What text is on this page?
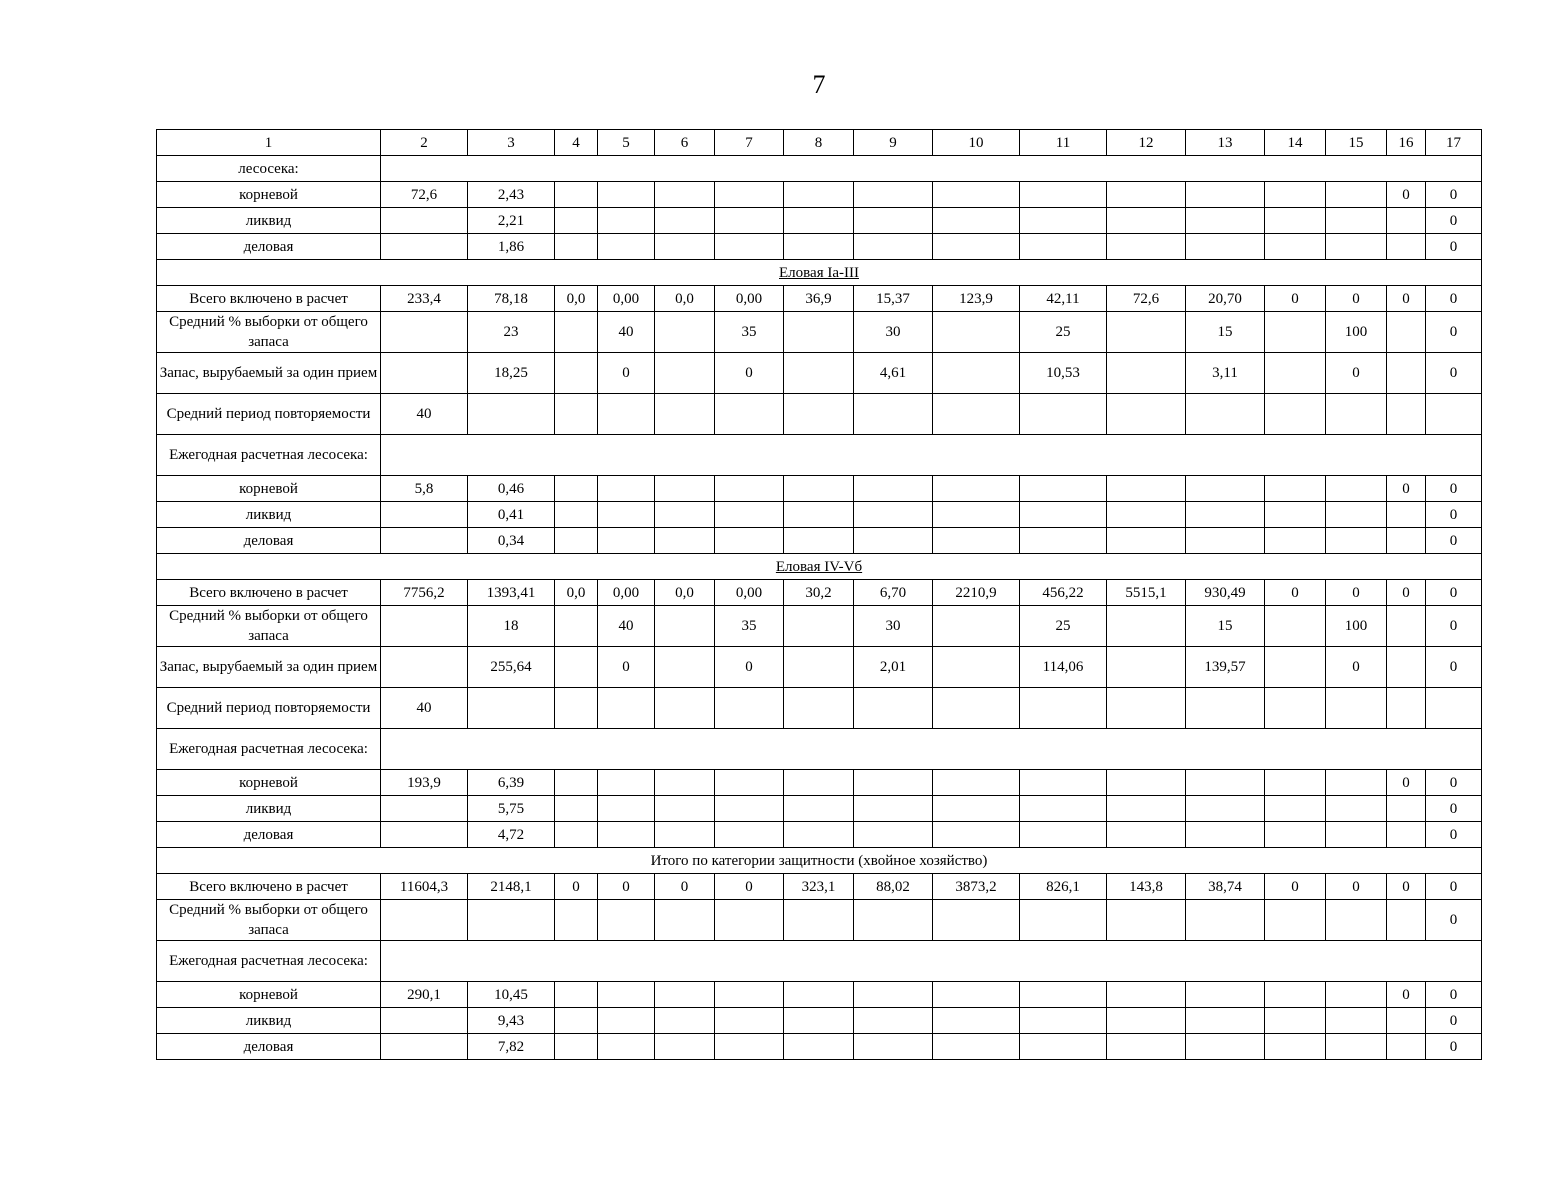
7
1	2	3	4	5	6	7	8	9	10	11	12	13	14	15	16	17
лесосека:																
корневой	72,6	2,43													0	0
ликвид		2,21														0
деловая		1,86														0
Еловая Ia-III																
Всего включено в расчет	233,4	78,18	0,0	0,00	0,0	0,00	36,9	15,37	123,9	42,11	72,6	20,70	0	0	0	0
Средний % выборки от общего запаса		23		40		35		30		25		15		100		0
Запас, вырубаемый за один прием		18,25		0		0		4,61		10,53		3,11		0		0
Средний период повторяемости	40															
Ежегодная расчетная лесосека:																
корневой	5,8	0,46													0	0
ликвид		0,41														0
деловая		0,34														0
Еловая IV-Vб																
Всего включено в расчет	7756,2	1393,41	0,0	0,00	0,0	0,00	30,2	6,70	2210,9	456,22	5515,1	930,49	0	0	0	0
Средний % выборки от общего запаса		18		40		35		30		25		15		100		0
Запас, вырубаемый за один прием		255,64		0		0		2,01		114,06		139,57		0		0
Средний период повторяемости	40															
Ежегодная расчетная лесосека:																
корневой	193,9	6,39													0	0
ликвид		5,75														0
деловая		4,72														0
Итого по категории защитности (хвойное хозяйство)																
Всего включено в расчет	11604,3	2148,1	0	0	0	0	323,1	88,02	3873,2	826,1	143,8	38,74	0	0	0	0
Средний % выборки от общего запаса																0
Ежегодная расчетная лесосека:																
корневой	290,1	10,45													0	0
ликвид		9,43														0
деловая		7,82														0
